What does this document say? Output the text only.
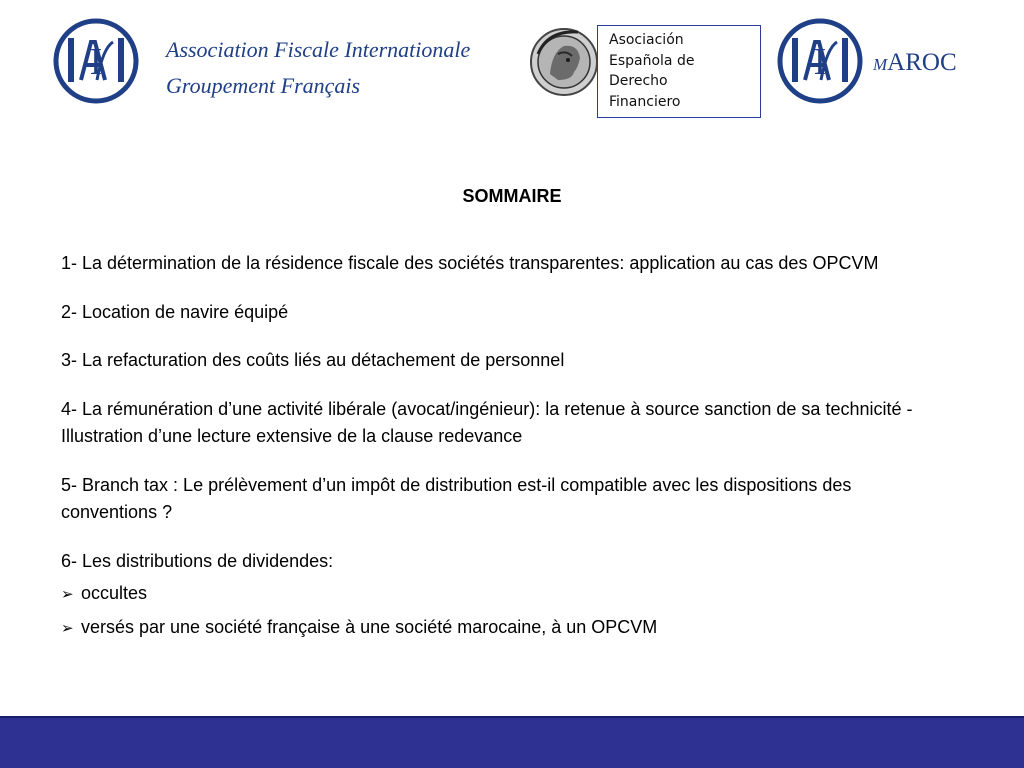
I	Association Fiscale Internationale
Groupement Français
Asociación
Española de
Derecho
Financiero
I	MAROC
SOMMAIRE
1- La détermination de la résidence fiscale des sociétés transparentes: application au cas des OPCVM
2- Location de navire équipé
3- La refacturation des coûts liés au détachement de personnel
4- La rémunération d’une activité libérale (avocat/ingénieur): la retenue à source sanction de sa technicité - Illustration d’une lecture extensive de la clause redevance
5- Branch tax : Le prélèvement d’un impôt de distribution est-il compatible avec les dispositions des conventions ?
6- Les distributions de dividendes:
➢ occultes
➢ versés par une société française à une société marocaine, à un OPCVM
